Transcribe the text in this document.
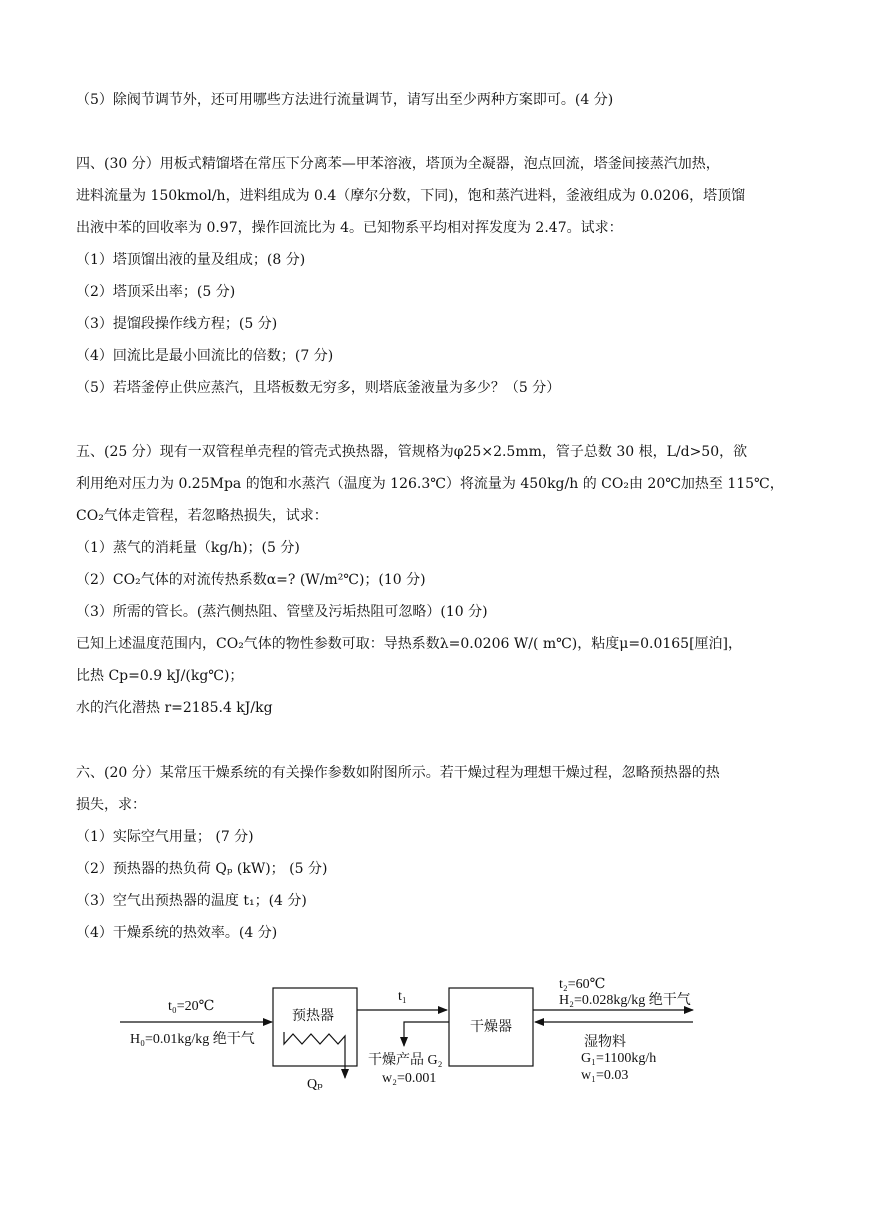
（5）除阀节调节外，还可用哪些方法进行流量调节，请写出至少两种方案即可。(4 分)
四、(30 分）用板式精馏塔在常压下分离苯—甲苯溶液，塔顶为全凝器，泡点回流，塔釜间接蒸汽加热，
进料流量为 150kmol/h，进料组成为 0.4（摩尔分数，下同)，饱和蒸汽进料，釜液组成为 0.0206，塔顶馏
出液中苯的回收率为 0.97，操作回流比为 4。已知物系平均相对挥发度为 2.47。试求：
（1）塔顶馏出液的量及组成；(8 分)
（2）塔顶采出率；(5 分)
（3）提馏段操作线方程；(5 分)
（4）回流比是最小回流比的倍数；(7 分)
（5）若塔釜停止供应蒸汽，且塔板数无穷多，则塔底釜液量为多少？（5 分）
五、(25 分）现有一双管程单壳程的管壳式换热器，管规格为φ25×2.5mm，管子总数 30 根，L/d>50，欲
利用绝对压力为 0.25Mpa 的饱和水蒸汽（温度为 126.3℃）将流量为 450kg/h 的 CO₂由 20℃加热至 115℃，
CO₂气体走管程，若忽略热损失，试求：
（1）蒸气的消耗量（kg/h)；(5 分)
（2）CO₂气体的对流传热系数α=? (W/m²℃)；(10 分)
（3）所需的管长。(蒸汽侧热阻、管壁及污垢热阻可忽略）(10 分)
已知上述温度范围内，CO₂气体的物性参数可取：导热系数λ=0.0206 W/( m℃)，粘度μ=0.0165[厘泊]，
比热 Cp=0.9 kJ/(kg℃)；
水的汽化潜热 r=2185.4 kJ/kg
六、(20 分）某常压干燥系统的有关操作参数如附图所示。若干燥过程为理想干燥过程，忽略预热器的热
损失，求：
（1）实际空气用量； (7 分)
（2）预热器的热负荷 Qₚ (kW)； (5 分)
（3）空气出预热器的温度 t₁；(4 分)
（4）干燥系统的热效率。(4 分)
预热器
干燥器
t₀=20℃
H₀=0.01kg/kg 绝干气
Qₚ
t₁
t₂=60℃
H₂=0.028kg/kg 绝干气
干燥产品 G₂
w₂=0.001
湿物料
G₁=1100kg/h
w₁=0.03
